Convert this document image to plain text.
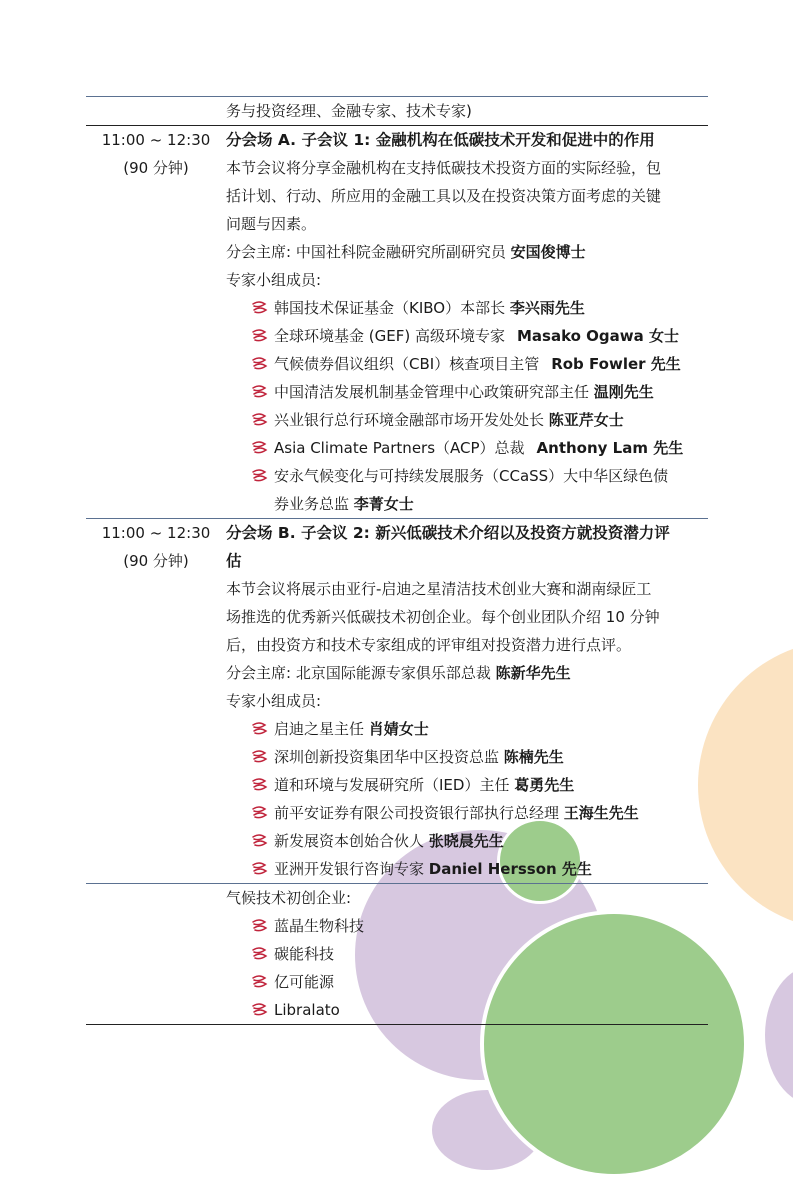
务与投资经理、金融专家、技术专家)
11:00 ~ 12:30
(90 分钟)
分会场 A. 子会议 1: 金融机构在低碳技术开发和促进中的作用
本节会议将分享金融机构在支持低碳技术投资方面的实际经验，包
括计划、行动、所应用的金融工具以及在投资决策方面考虑的关键
问题与因素。
分会主席: 中国社科院金融研究所副研究员 安国俊博士
专家小组成员:
韩国技术保证基金（KIBO）本部长 李兴雨先生
全球环境基金 (GEF) 高级环境专家 Masako Ogawa 女士
气候债券倡议组织（CBI）核查项目主管 Rob Fowler 先生
中国清洁发展机制基金管理中心政策研究部主任 温刚先生
兴业银行总行环境金融部市场开发处处长 陈亚芹女士
Asia Climate Partners（ACP）总裁 Anthony Lam 先生
安永气候变化与可持续发展服务（CCaSS）大中华区绿色债
券业务总监 李菁女士
11:00 ~ 12:30
(90 分钟)
分会场 B. 子会议 2: 新兴低碳技术介绍以及投资方就投资潜力评
估
本节会议将展示由亚行-启迪之星清洁技术创业大赛和湖南绿匠工
场推选的优秀新兴低碳技术初创企业。每个创业团队介绍 10 分钟
后，由投资方和技术专家组成的评审组对投资潜力进行点评。
分会主席: 北京国际能源专家俱乐部总裁 陈新华先生
专家小组成员:
启迪之星主任 肖婧女士
深圳创新投资集团华中区投资总监 陈楠先生
道和环境与发展研究所（IED）主任 葛勇先生
前平安证券有限公司投资银行部执行总经理 王海生先生
新发展资本创始合伙人 张晓晨先生
亚洲开发银行咨询专家 Daniel Hersson 先生
气候技术初创企业:
蓝晶生物科技
碳能科技
亿可能源
Libralato
